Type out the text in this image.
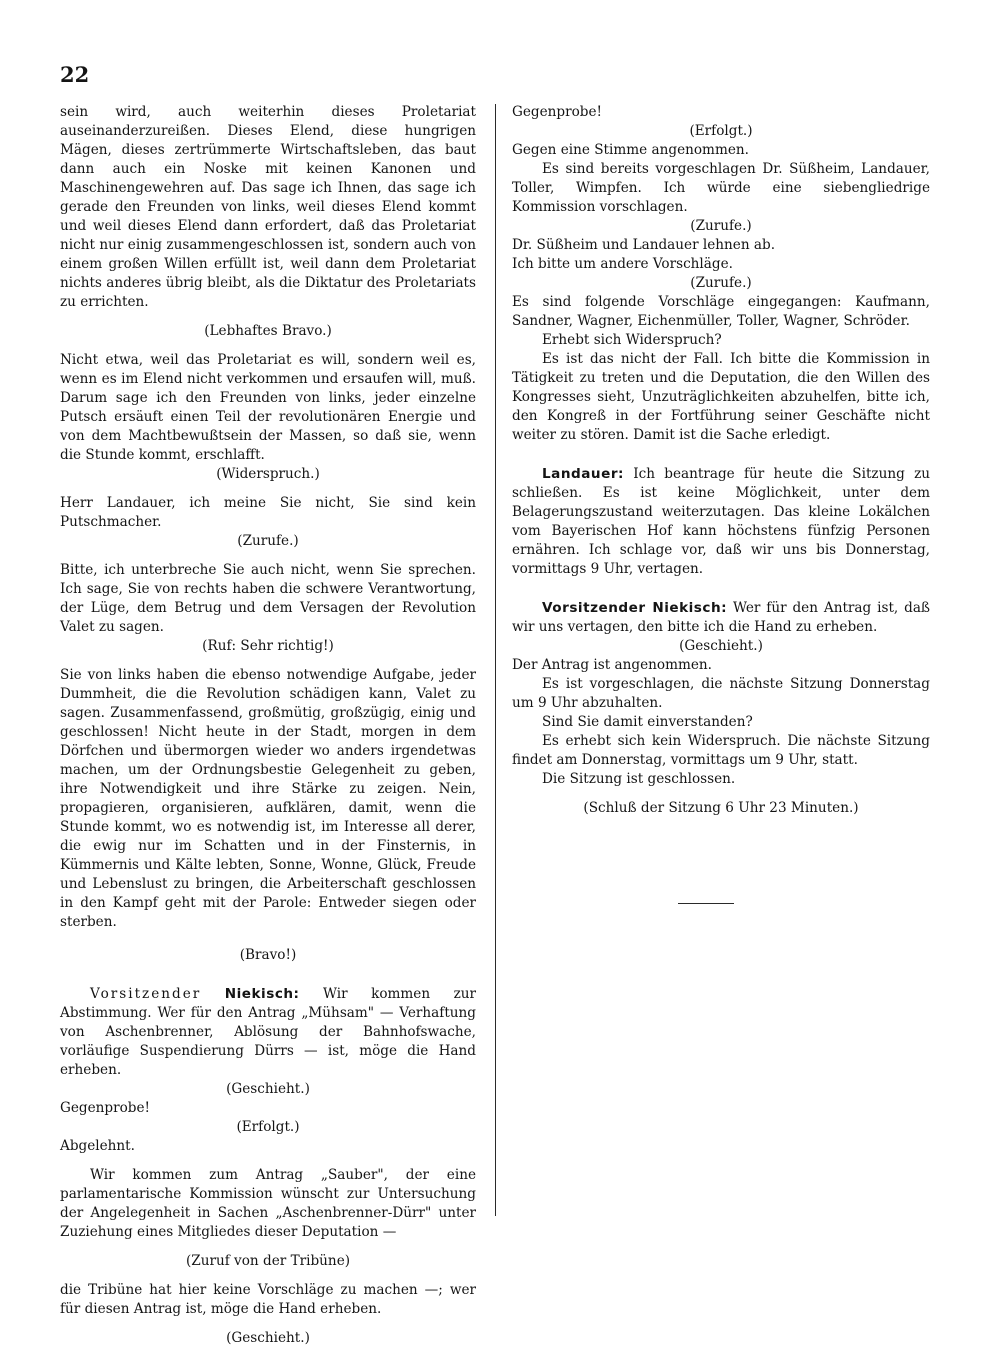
22

sein wird, auch weiterhin dieses Proletariat auseinanderzureißen. Dieses Elend, diese hungrigen Mägen, dieses zertrümmerte Wirtschaftsleben, das baut dann auch ein Noske mit keinen Kanonen und Maschinengewehren auf. Das sage ich Ihnen, das sage ich gerade den Freunden von links, weil dieses Elend kommt und weil dieses Elend dann erfordert, daß das Proletariat nicht nur einig zusammengeschlossen ist, sondern auch von einem großen Willen erfüllt ist, weil dann dem Proletariat nichts anderes übrig bleibt, als die Diktatur des Proletariats zu errichten.

(Lebhaftes Bravo.)

Nicht etwa, weil das Proletariat es will, sondern weil es, wenn es im Elend nicht verkommen und ersaufen will, muß. Darum sage ich den Freunden von links, jeder einzelne Putsch ersäuft einen Teil der revolutionären Energie und von dem Machtbewußtsein der Massen, so daß sie, wenn die Stunde kommt, erschlafft.

(Widerspruch.)

Herr Landauer, ich meine Sie nicht, Sie sind kein Putschmacher.

(Zurufe.)

Bitte, ich unterbreche Sie auch nicht, wenn Sie sprechen. Ich sage, Sie von rechts haben die schwere Verantwortung, der Lüge, dem Betrug und dem Versagen der Revolution Valet zu sagen.

(Ruf: Sehr richtig!)

Sie von links haben die ebenso notwendige Aufgabe, jeder Dummheit, die die Revolution schädigen kann, Valet zu sagen. Zusammenfassend, großmütig, großzügig, einig und geschlossen! Nicht heute in der Stadt, morgen in dem Dörfchen und übermorgen wieder wo anders irgendetwas machen, um der Ordnungsbestie Gelegenheit zu geben, ihre Notwendigkeit und ihre Stärke zu zeigen. Nein, propagieren, organisieren, aufklären, damit, wenn die Stunde kommt, wo es notwendig ist, im Interesse all derer, die ewig nur im Schatten und in der Finsternis, in Kümmernis und Kälte lebten, Sonne, Wonne, Glück, Freude und Lebenslust zu bringen, die Arbeiterschaft geschlossen in den Kampf geht mit der Parole: Entweder siegen oder sterben.

(Bravo!)

Vorsitzender Niekisch: Wir kommen zur Abstimmung. Wer für den Antrag „Mühsam" — Verhaftung von Aschenbrenner, Ablösung der Bahnhofswache, vorläufige Suspendierung Dürrs — ist, möge die Hand erheben.

(Geschieht.)

Gegenprobe!

(Erfolgt.)

Abgelehnt.

Wir kommen zum Antrag „Sauber", der eine parlamentarische Kommission wünscht zur Untersuchung der Angelegenheit in Sachen „Aschenbrenner-Dürr" unter Zuziehung eines Mitgliedes dieser Deputation —

(Zuruf von der Tribüne)

die Tribüne hat hier keine Vorschläge zu machen —; wer für diesen Antrag ist, möge die Hand erheben.

(Geschieht.)

Gegenprobe!

(Erfolgt.)

Gegen eine Stimme angenommen.

Es sind bereits vorgeschlagen Dr. Süßheim, Landauer, Toller, Wimpfen. Ich würde eine siebengliedrige Kommission vorschlagen.

(Zurufe.)

Dr. Süßheim und Landauer lehnen ab.

Ich bitte um andere Vorschläge.

(Zurufe.)

Es sind folgende Vorschläge eingegangen: Kaufmann, Sandner, Wagner, Eichenmüller, Toller, Wagner, Schröder.

Erhebt sich Widerspruch?

Es ist das nicht der Fall. Ich bitte die Kommission in Tätigkeit zu treten und die Deputation, die den Willen des Kongresses sieht, Unzuträglichkeiten abzuhelfen, bitte ich, den Kongreß in der Fortführung seiner Geschäfte nicht weiter zu stören. Damit ist die Sache erledigt.

Landauer: Ich beantrage für heute die Sitzung zu schließen. Es ist keine Möglichkeit, unter dem Belagerungszustand weiterzutagen. Das kleine Lokälchen vom Bayerischen Hof kann höchstens fünfzig Personen ernähren. Ich schlage vor, daß wir uns bis Donnerstag, vormittags 9 Uhr, vertagen.

Vorsitzender Niekisch: Wer für den Antrag ist, daß wir uns vertagen, den bitte ich die Hand zu erheben.

(Geschieht.)

Der Antrag ist angenommen.

Es ist vorgeschlagen, die nächste Sitzung Donnerstag um 9 Uhr abzuhalten.

Sind Sie damit einverstanden?

Es erhebt sich kein Widerspruch. Die nächste Sitzung findet am Donnerstag, vormittags um 9 Uhr, statt.

Die Sitzung ist geschlossen.

(Schluß der Sitzung 6 Uhr 23 Minuten.)
